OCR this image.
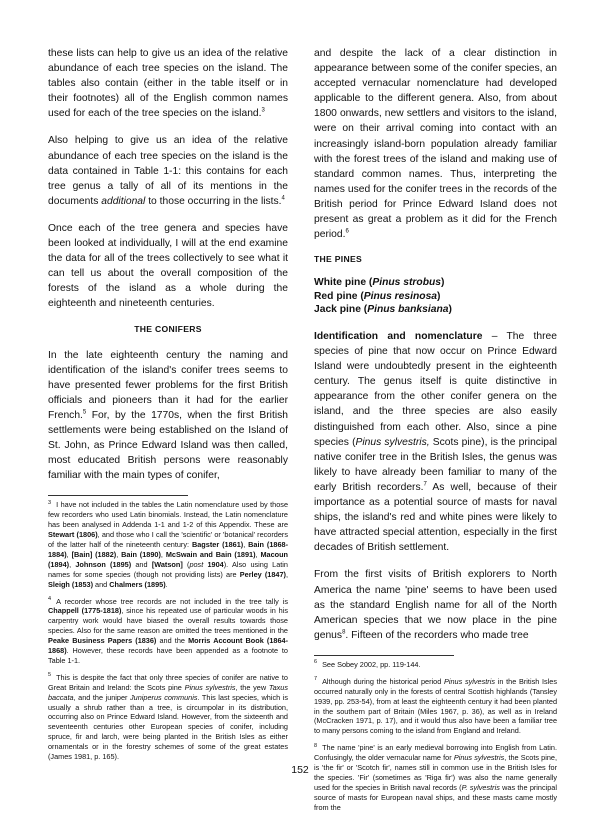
these lists can help to give us an idea of the relative abundance of each tree species on the island. The tables also contain (either in the table itself or in their footnotes) all of the English common names used for each of the tree species on the island.$^3$

Also helping to give us an idea of the relative abundance of each tree species on the island is the data contained in Table 1-1: this contains for each tree genus a tally of all of its mentions in the documents additional to those occurring in the lists.$^4$

Once each of the tree genera and species have been looked at individually, I will at the end examine the data for all of the trees collectively to see what it can tell us about the overall composition of the forests of the island as a whole during the eighteenth and nineteenth centuries.

THE CONIFERS

In the late eighteenth century the naming and identification of the island's conifer trees seems to have presented fewer problems for the first British officials and pioneers than it had for the earlier French.$^5$ For, by the 1770s, when the first British settlements were being established on the Island of St. John, as Prince Edward Island was then called, most educated British persons were reasonably familiar with the main types of conifer,

$^3$ I have not included in the tables the Latin nomenclature used by those few recorders who used Latin binomials. Instead, the Latin nomenclature has been analysed in Addenda 1-1 and 1-2 of this Appendix. These are Stewart (1806), and those who I call the 'scientific' or 'botanical' recorders of the latter half of the nineteenth century: Bagster (1861), Bain (1868-1884), [Bain] (1882), Bain (1890), McSwain and Bain (1891), Macoun (1894), Johnson (1895) and [Watson] (post 1904). Also using Latin names for some species (though not providing lists) are Perley (1847), Sleigh (1853) and Chalmers (1895).

$^4$ A recorder whose tree records are not included in the tree tally is Chappell (1775-1818), since his repeated use of particular woods in his carpentry work would have biased the overall results towards those species. Also for the same reason are omitted the trees mentioned in the Peake Business Papers (1836) and the Morris Account Book (1864-1868). However, these records have been appended as a footnote to Table 1-1.

$^5$ This is despite the fact that only three species of conifer are native to Great Britain and Ireland: the Scots pine Pinus sylvestris, the yew Taxus baccata, and the juniper Juniperus communis. This last species, which is usually a shrub rather than a tree, is circumpolar in its distribution, occurring also on Prince Edward Island. However, from the sixteenth and seventeenth centuries other European species of conifer, including spruce, fir and larch, were being planted in the British Isles as either ornamentals or in the forestry schemes of some of the great estates (James 1981, p. 165).

and despite the lack of a clear distinction in appearance between some of the conifer species, an accepted vernacular nomenclature had developed applicable to the different genera. Also, from about 1800 onwards, new settlers and visitors to the island, were on their arrival coming into contact with an increasingly island-born population already familiar with the forest trees of the island and making use of standard common names. Thus, interpreting the names used for the conifer trees in the records of the British period for Prince Edward Island does not present as great a problem as it did for the French period.$^6$

THE PINES
White pine (Pinus strobus)
Red pine (Pinus resinosa)
Jack pine (Pinus banksiana)

Identification and nomenclature – The three species of pine that now occur on Prince Edward Island were undoubtedly present in the eighteenth century. The genus itself is quite distinctive in appearance from the other conifer genera on the island, and the three species are also easily distinguished from each other. Also, since a pine species (Pinus sylvestris, Scots pine), is the principal native conifer tree in the British Isles, the genus was likely to have already been familiar to many of the early British recorders.$^7$ As well, because of their importance as a potential source of masts for naval ships, the island's red and white pines were likely to have attracted special attention, especially in the first decades of British settlement.

From the first visits of British explorers to North America the name 'pine' seems to have been used as the standard English name for all of the North American species that we now place in the pine genus$^8$. Fifteen of the recorders who made tree

$^6$ See Sobey 2002, pp. 119-144.

$^7$ Although during the historical period Pinus sylvestris in the British Isles occurred naturally only in the forests of central Scottish highlands (Tansley 1939, pp. 253-54), from at least the eighteenth century it had been planted in the southern part of Britain (Miles 1967, p. 36), as well as in Ireland (McCracken 1971, p. 17), and it would thus also have been a familiar tree to many persons coming to the island from England and Ireland.

$^8$ The name 'pine' is an early medieval borrowing into English from Latin. Confusingly, the older vernacular name for Pinus sylvestris, the Scots pine, is 'the fir' or 'Scotch fir', names still in common use in the British Isles for the species. 'Fir' (sometimes as 'Riga fir') was also the name generally used for the species in British naval records (P. sylvestris was the principal source of masts for European naval ships, and these masts came mostly from the

152
